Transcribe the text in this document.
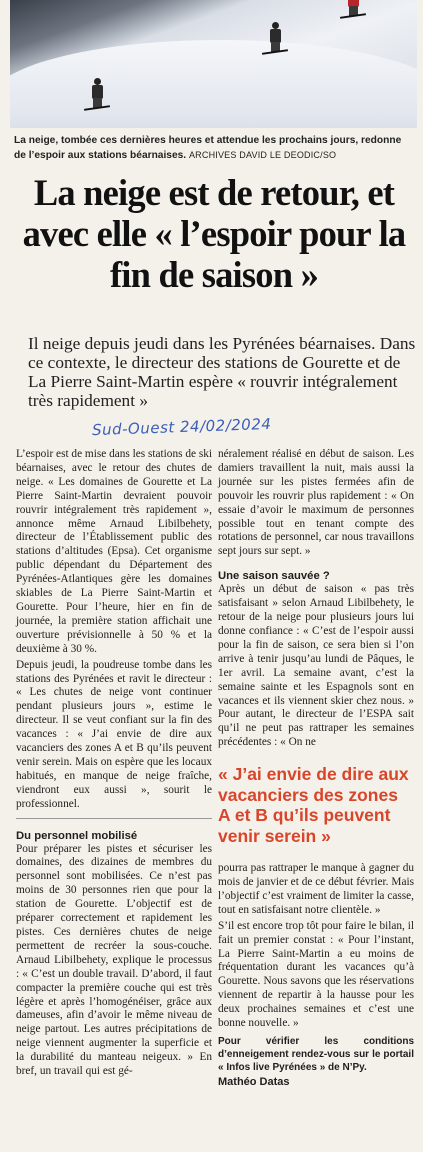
La neige, tombée ces dernières heures et attendue les prochains jours, redonne de l’espoir aux stations béarnaises. ARCHIVES DAVID LE DEODIC/SO
La neige est de retour, et avec elle « l’espoir pour la fin de saison »
Il neige depuis jeudi dans les Pyrénées béarnaises. Dans ce contexte, le directeur des stations de Gourette et de La Pierre Saint-Martin espère « rouvrir intégralement très rapidement »
Sud-Ouest 24/02/2024

L’espoir est de mise dans les stations de ski béarnaises, avec le retour des chutes de neige. « Les domaines de Gourette et La Pierre Saint-Martin devraient pouvoir rouvrir intégralement très rapidement », annonce même Arnaud Libilbehety, directeur de l’Établissement public des stations d’altitudes (Epsa). Cet organisme public dépendant du Département des Pyrénées-Atlantiques gère les domaines skiables de La Pierre Saint-Martin et Gourette. Pour l’heure, hier en fin de journée, la première station affichait une ouverture prévisionnelle à 50 % et la deuxième à 30 %.

Depuis jeudi, la poudreuse tombe dans les stations des Pyrénées et ravit le directeur : « Les chutes de neige vont continuer pendant plusieurs jours », estime le directeur. Il se veut confiant sur la fin des vacances : « J’ai envie de dire aux vacanciers des zones A et B qu’ils peuvent venir serein. Mais on espère que les locaux habitués, en manque de neige fraîche, viendront eux aussi », sourit le professionnel.

Du personnel mobilisé

Pour préparer les pistes et sécuriser les domaines, des dizaines de membres du personnel sont mobilisées. Ce n’est pas moins de 30 personnes rien que pour la station de Gourette. L’objectif est de préparer correctement et rapidement les pistes. Ces dernières chutes de neige permettent de recréer la sous-couche. Arnaud Libilbehety, explique le processus : « C’est un double travail. D’abord, il faut compacter la première couche qui est très légère et après l’homogénéiser, grâce aux dameuses, afin d’avoir le même niveau de neige partout. Les autres précipitations de neige viennent augmenter la superficie et la durabilité du manteau neigeux. » En bref, un travail qui est gé-

néralement réalisé en début de saison. Les damiers travaillent la nuit, mais aussi la journée sur les pistes fermées afin de pouvoir les rouvrir plus rapidement : « On essaie d’avoir le maximum de personnes possible tout en tenant compte des rotations de personnel, car nous travaillons sept jours sur sept. »

Une saison sauvée ?

Après un début de saison « pas très satisfaisant » selon Arnaud Libilbehety, le retour de la neige pour plusieurs jours lui donne confiance : « C’est de l’espoir aussi pour la fin de saison, ce sera bien si l’on arrive à tenir jusqu’au lundi de Pâques, le 1er avril. La semaine avant, c’est la semaine sainte et les Espagnols sont en vacances et ils viennent skier chez nous. » Pour autant, le directeur de l’ESPA sait qu’il ne peut pas rattraper les semaines précédentes : « On ne

« J’ai envie de dire aux vacanciers des zones A et B qu’ils peuvent venir serein »

pourra pas rattraper le manque à gagner du mois de janvier et de ce début février. Mais l’objectif c’est vraiment de limiter la casse, tout en satisfaisant notre clientèle. »

S’il est encore trop tôt pour faire le bilan, il fait un premier constat : « Pour l’instant, La Pierre Saint-Martin a eu moins de fréquentation durant les vacances qu’à Gourette. Nous savons que les réservations viennent de repartir à la hausse pour les deux prochaines semaines et c’est une bonne nouvelle. »

Pour vérifier les conditions d’enneigement rendez-vous sur le portail « Infos live Pyrénées » de N’Py.
Mathéo Datas
